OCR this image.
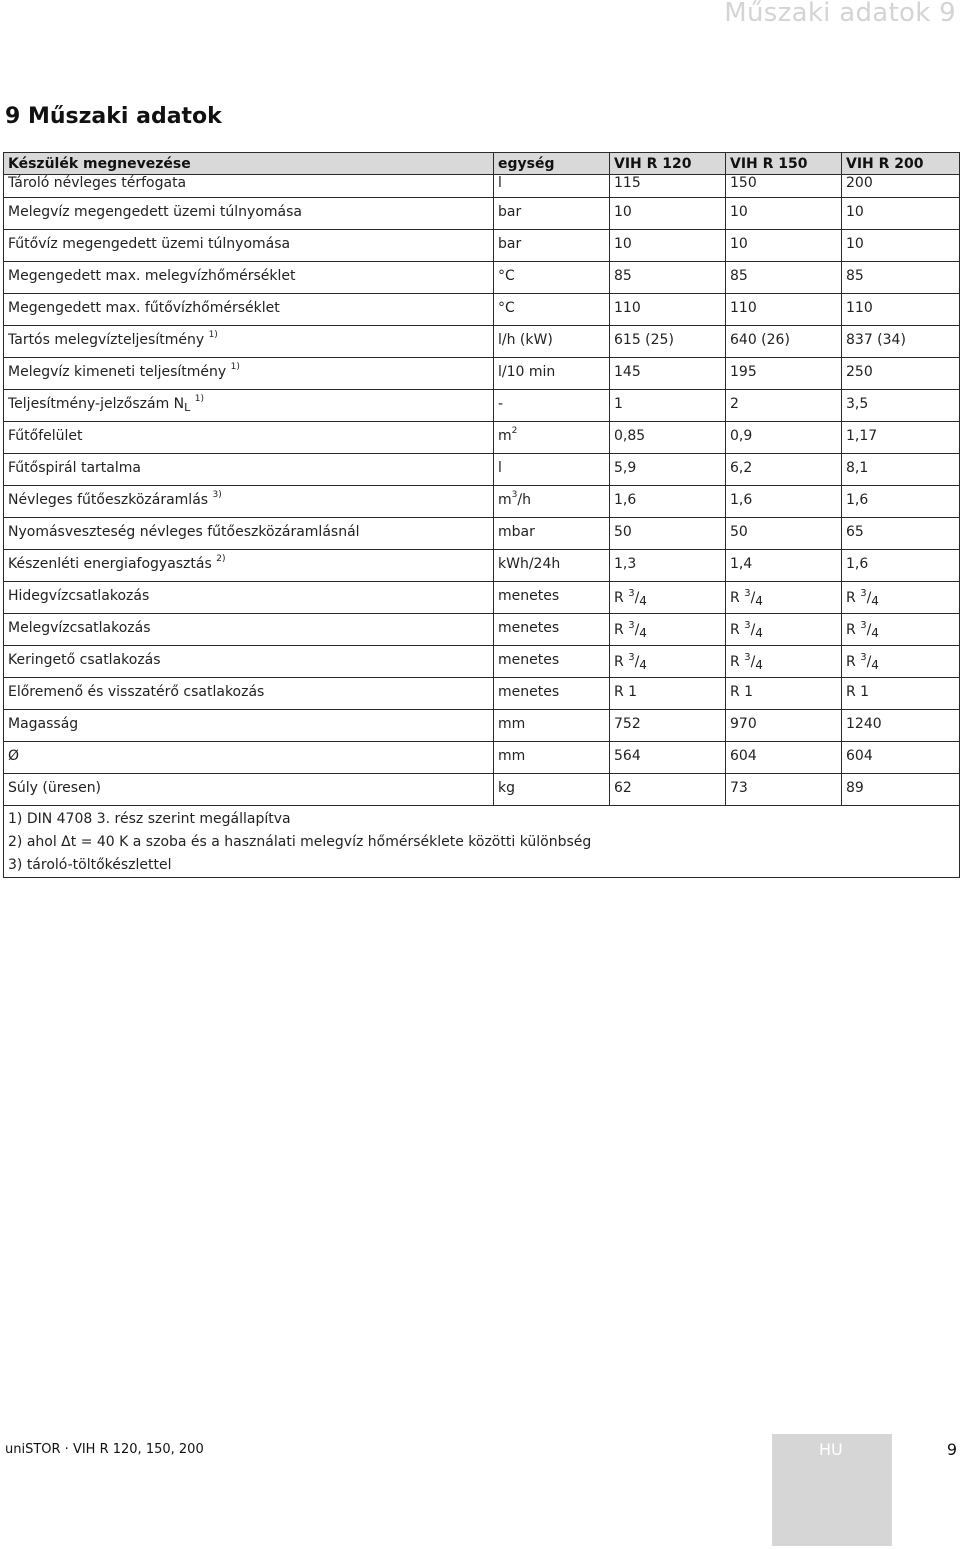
Műszaki adatok 9
9 Műszaki adatok
Készülék megnevezése	egység	VIH R 120	VIH R 150	VIH R 200
Tároló névleges térfogata	l	115	150	200
Melegvíz megengedett üzemi túlnyomása	bar	10	10	10
Fűtővíz megengedett üzemi túlnyomása	bar	10	10	10
Megengedett max. melegvízhőmérséklet	°C	85	85	85
Megengedett max. fűtővízhőmérséklet	°C	110	110	110
Tartós melegvízteljesítmény $^{1)}$	l/h (kW)	615 (25)	640 (26)	837 (34)
Melegvíz kimeneti teljesítmény $^{1)}$	l/10 min	145	195	250
Teljesítmény-jelzőszám $N_L$ $^{1)}$	-	1	2	3,5
Fűtőfelület	$m^2$	0,85	0,9	1,17
Fűtőspirál tartalma	l	5,9	6,2	8,1
Névleges fűtőeszközáramlás $^{3)}$	$m^3/h$	1,6	1,6	1,6
Nyomásveszteség névleges fűtőeszközáramlásnál	mbar	50	50	65
Készenléti energiafogyasztás $^{2)}$	kWh/24h	1,3	1,4	1,6
Hidegvízcsatlakozás	menetes	R $^3$/4	R $^3$/4	R $^3$/4
Melegvízcsatlakozás	menetes	R $^3$/4	R $^3$/4	R $^3$/4
Keringető csatlakozás	menetes	R $^3$/4	R $^3$/4	R $^3$/4
Előremenő és visszatérő csatlakozás	menetes	R 1	R 1	R 1
Magasság	mm	752	970	1240
Ø	mm	564	604	604
Súly (üresen)	kg	62	73	89

1) DIN 4708 3. rész szerint megállapítva
2) ahol Δt = 40 K a szoba és a használati melegvíz hőmérséklete közötti különbség
3) tároló-töltőkészlettel				
uniSTOR · VIH R 120, 150, 200	HU	9
